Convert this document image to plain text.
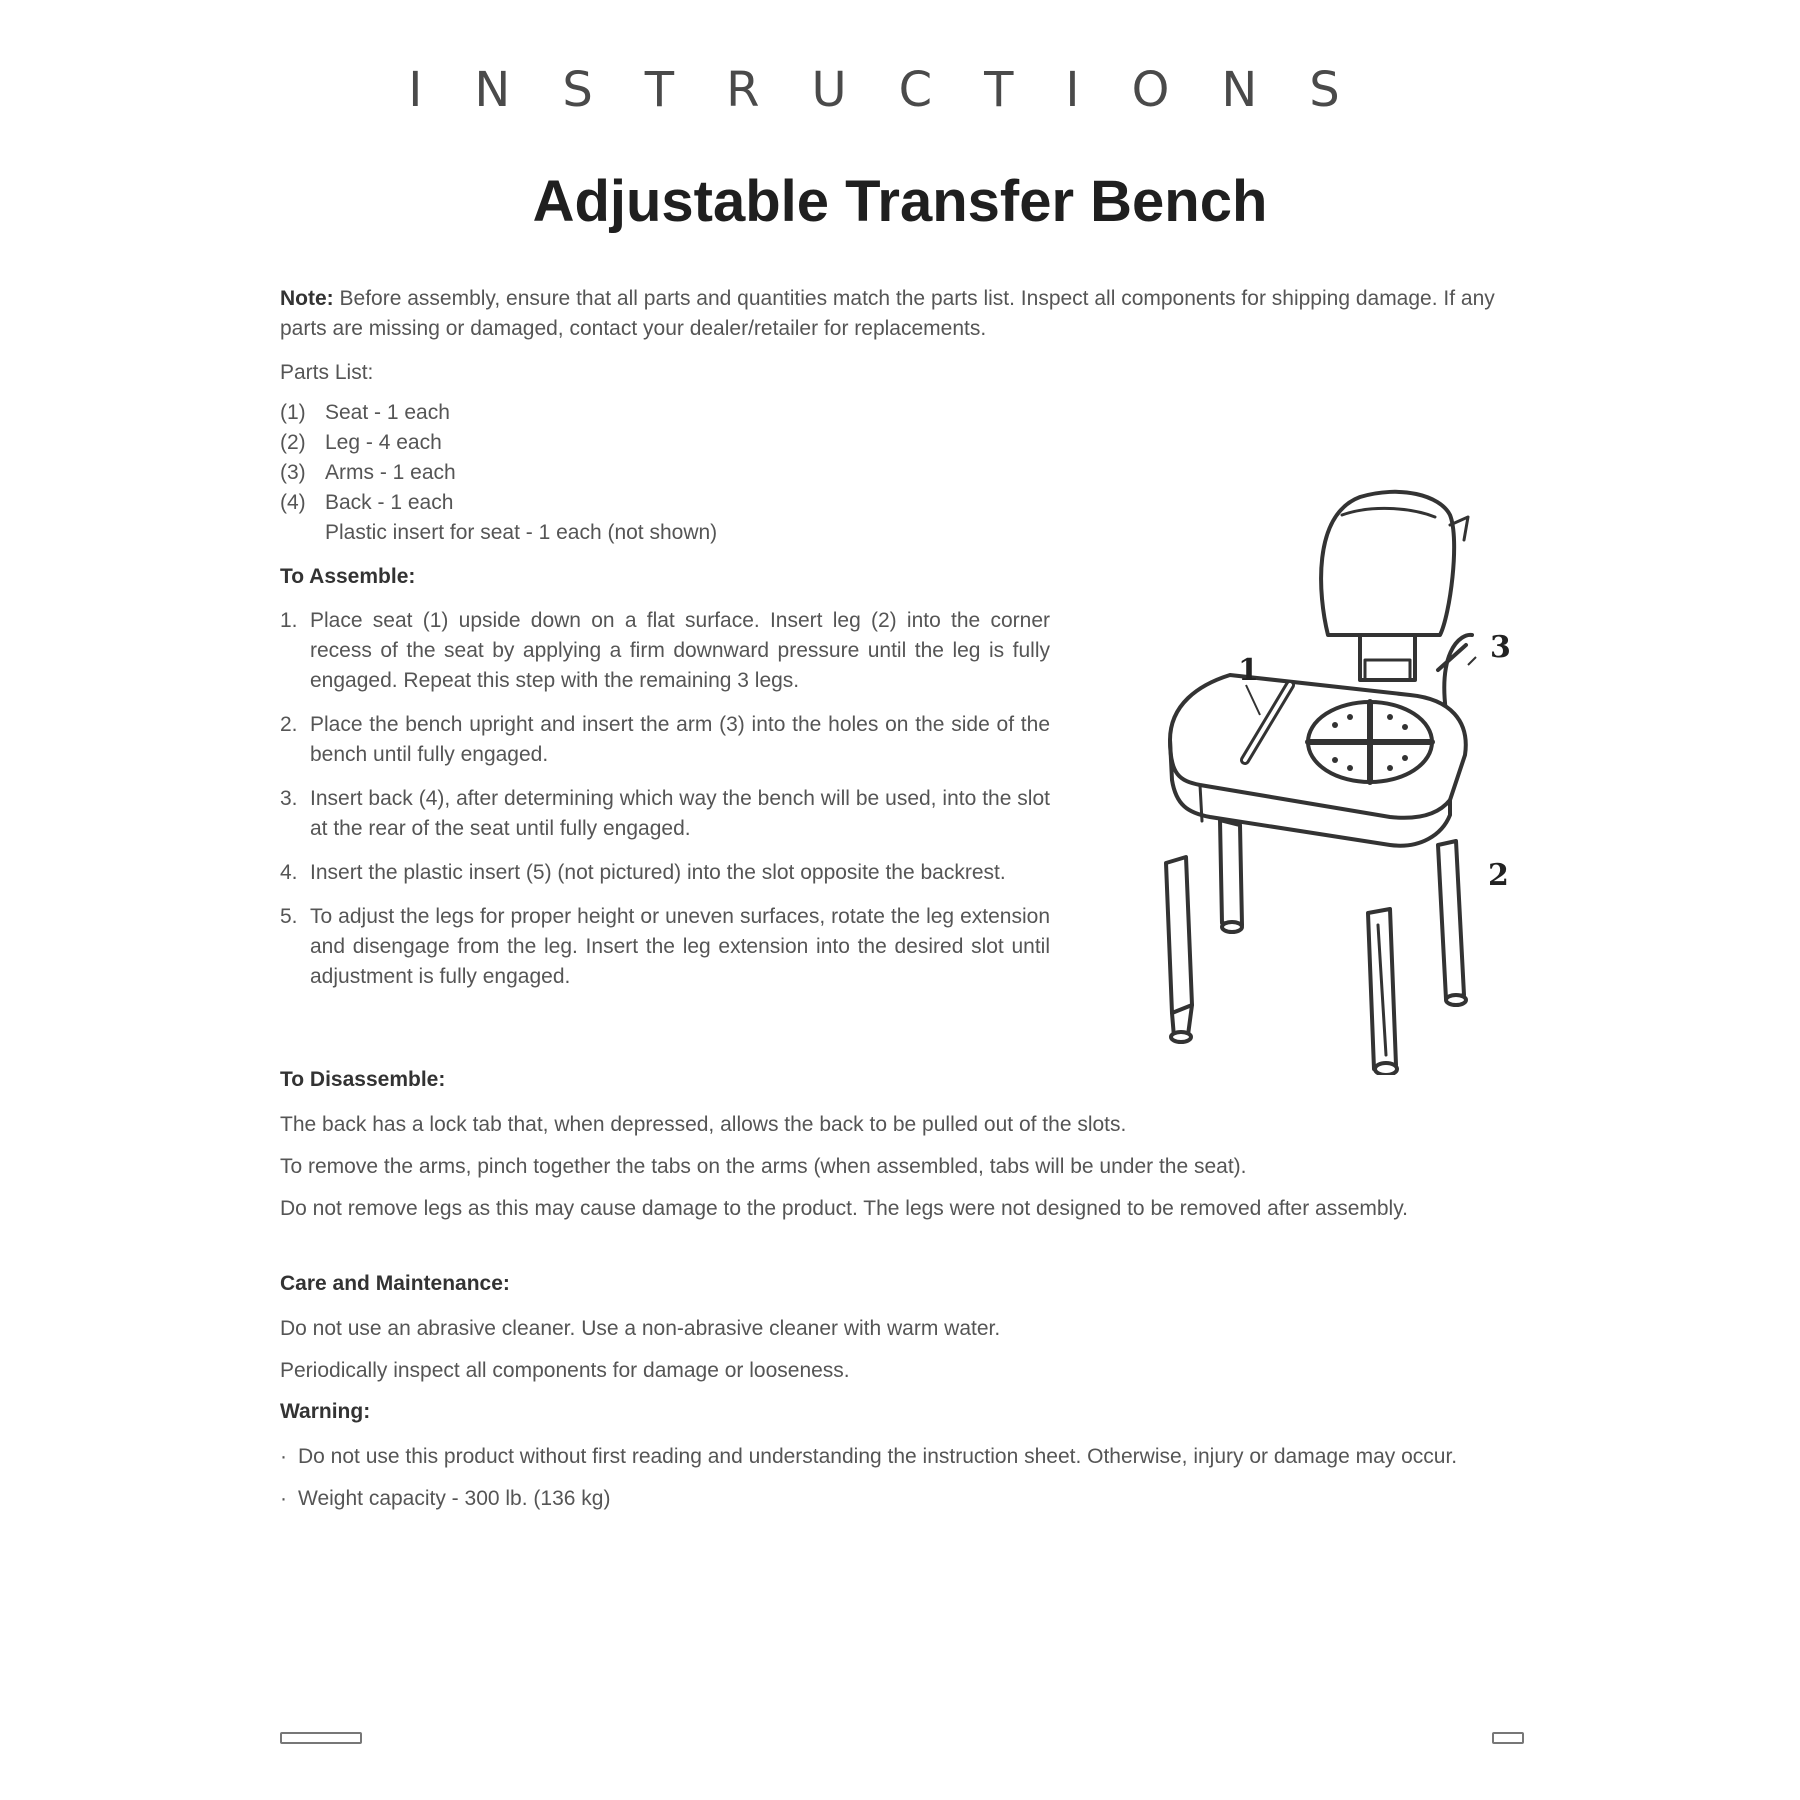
INSTRUCTIONS
Adjustable Transfer Bench
Note: Before assembly, ensure that all parts and quantities match the parts list. Inspect all components for shipping damage. If any parts are missing or damaged, contact your dealer/retailer for replacements.
Parts List:
(1) Seat - 1 each
(2) Leg - 4 each
(3) Arms - 1 each
(4) Back - 1 each
Plastic insert for seat - 1 each (not shown)
To Assemble:
1. Place seat (1) upside down on a flat surface. Insert leg (2) into the corner recess of the seat by applying a firm downward pressure until the leg is fully engaged. Repeat this step with the remaining 3 legs.
2. Place the bench upright and insert the arm (3) into the holes on the side of the bench until fully engaged.
3. Insert back (4), after determining which way the bench will be used, into the slot at the rear of the seat until fully engaged.
4. Insert the plastic insert (5) (not pictured) into the slot opposite the backrest.
5. To adjust the legs for proper height or uneven surfaces, rotate the leg extension and disengage from the leg. Insert the leg extension into the desired slot until adjustment is fully engaged.
To Disassemble:
The back has a lock tab that, when depressed, allows the back to be pulled out of the slots.
To remove the arms, pinch together the tabs on the arms (when assembled, tabs will be under the seat).
Do not remove legs as this may cause damage to the product. The legs were not designed to be removed after assembly.
Care and Maintenance:
Do not use an abrasive cleaner. Use a non-abrasive cleaner with warm water.
Periodically inspect all components for damage or looseness.
Warning:
· Do not use this product without first reading and understanding the instruction sheet. Otherwise, injury or damage may occur.
· Weight capacity - 300 lb. (136 kg)
1
2
3
